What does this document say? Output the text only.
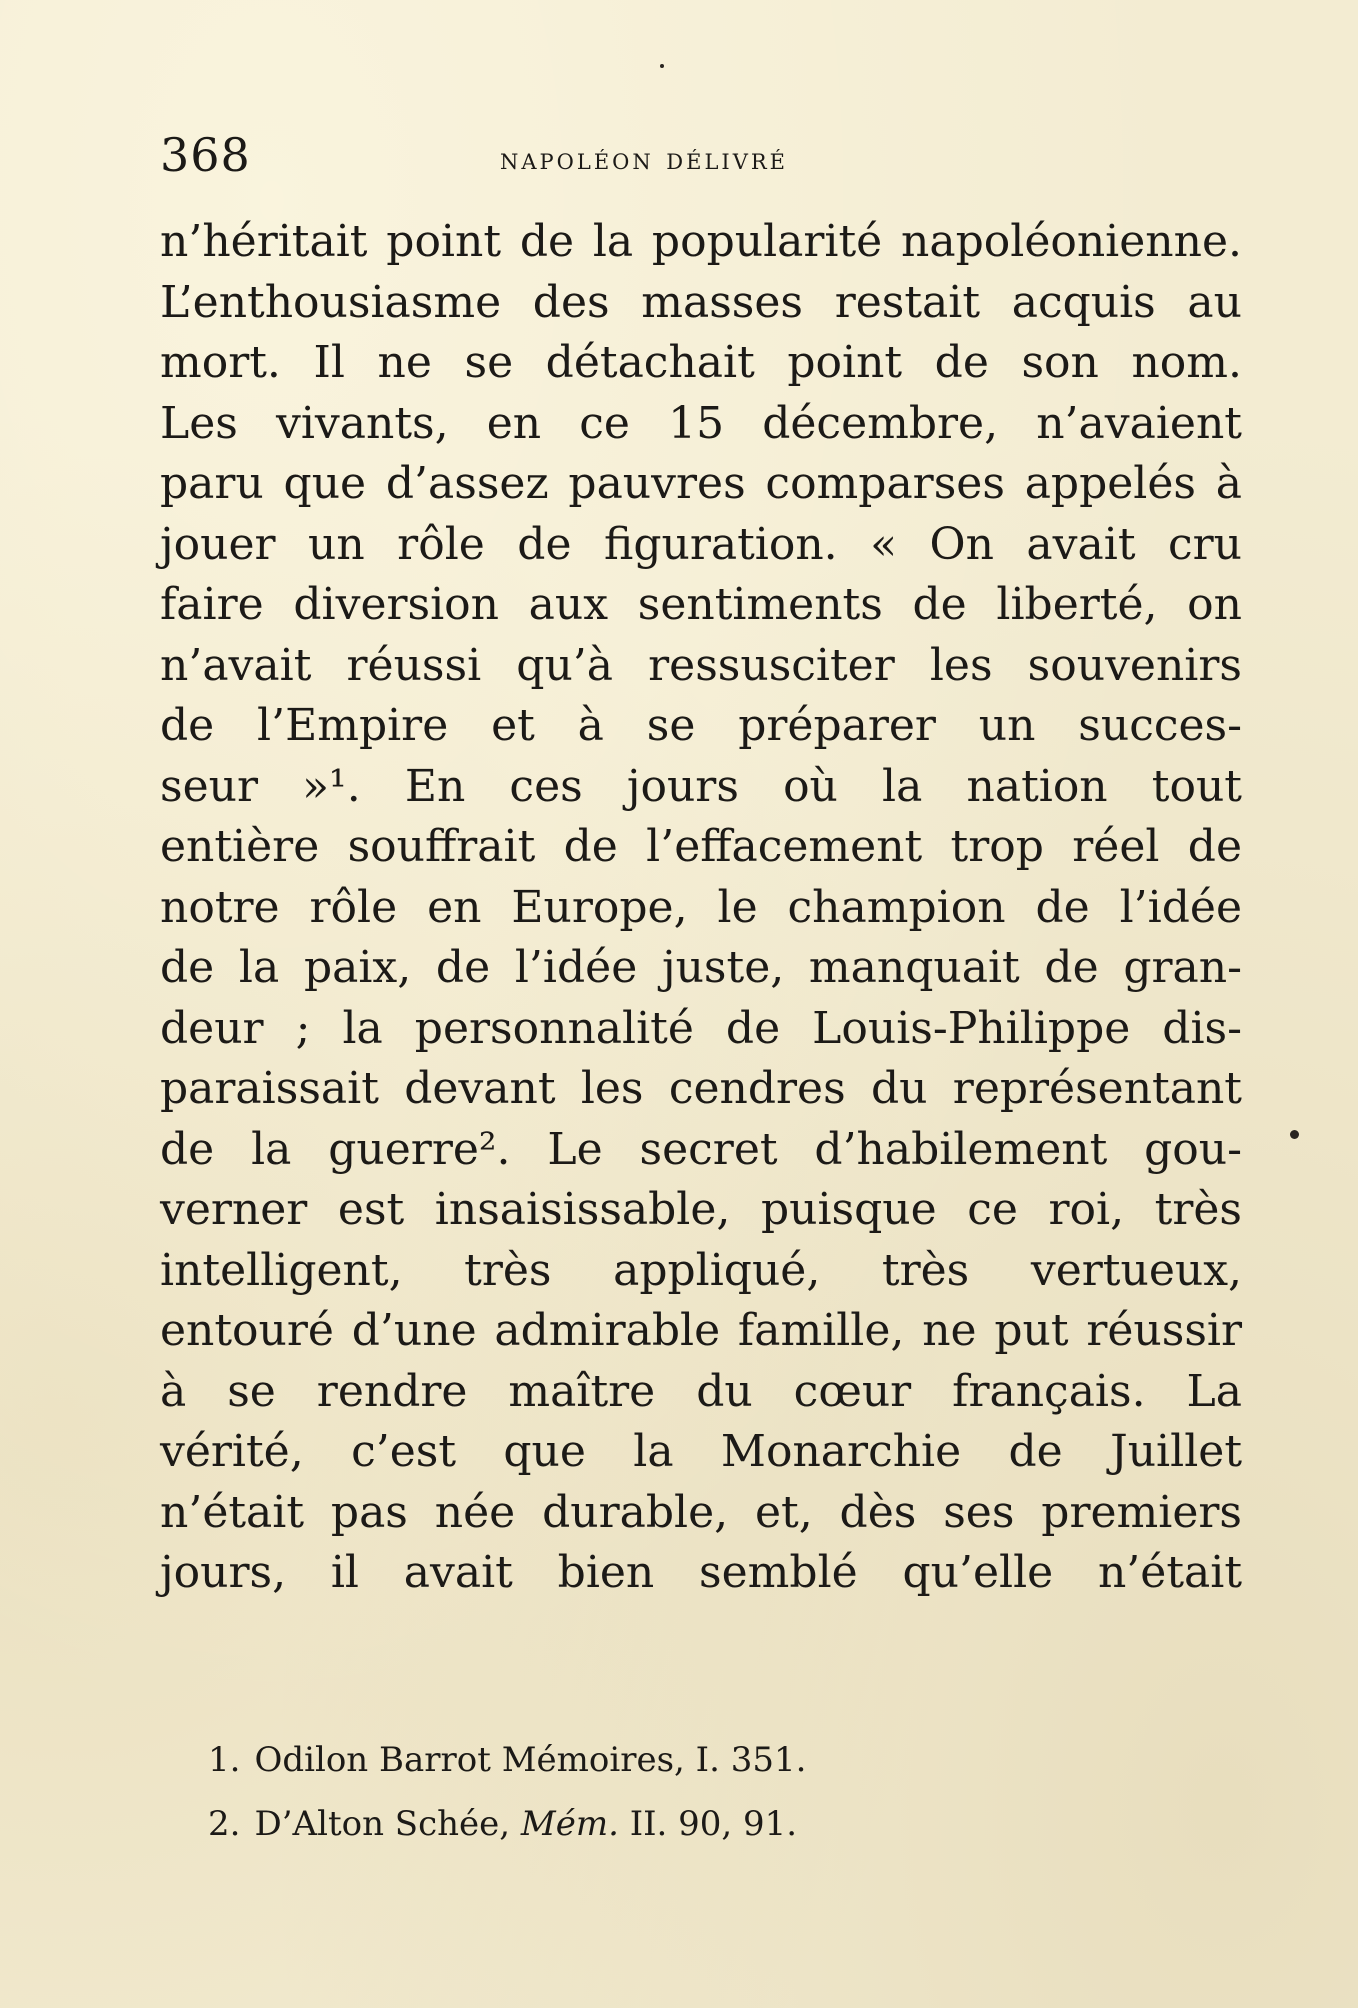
368	napoléon délivré
n’héritait point de la popularité napoléonienne.
L’enthousiasme des masses restait acquis au
mort. Il ne se détachait point de son nom.
Les vivants, en ce 15 décembre, n’avaient
paru que d’assez pauvres comparses appelés à
jouer un rôle de figuration. « On avait cru
faire diversion aux sentiments de liberté, on
n’avait réussi qu’à ressusciter les souvenirs
de l’Empire et à se préparer un succes-
seur »¹. En ces jours où la nation tout
entière souffrait de l’effacement trop réel de
notre rôle en Europe, le champion de l’idée
de la paix, de l’idée juste, manquait de gran-
deur ; la personnalité de Louis-Philippe dis-
paraissait devant les cendres du représentant
de la guerre². Le secret d’habilement gou-
verner est insaisissable, puisque ce roi, très
intelligent, très appliqué, très vertueux,
entouré d’une admirable famille, ne put réussir
à se rendre maître du cœur français. La
vérité, c’est que la Monarchie de Juillet
n’était pas née durable, et, dès ses premiers
jours, il avait bien semblé qu’elle n’était
1. Odilon Barrot Mémoires, I. 351.
2. D’Alton Schée, Mém. II. 90, 91.
